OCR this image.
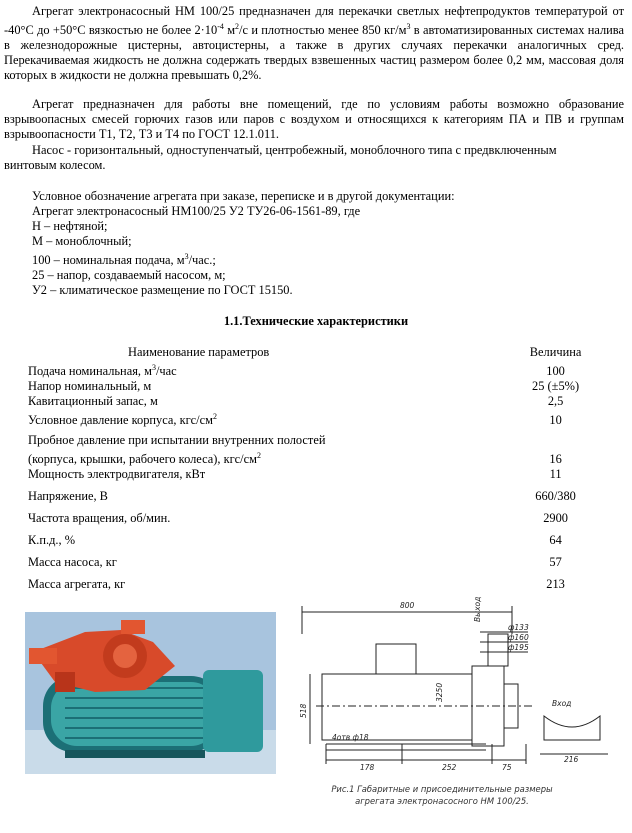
Агрегат электронасосный НМ 100/25 предназначен для перекачки светлых нефтепродуктов температурой от -40°С до +50°С вязкостью не более $2\cdot 10^{-4}$ $м^2/с$ и плотностью менее 850 $кг/м^3$ в автоматизированных системах налива в железнодорожные цистерны, автоцистерны, а также в других случаях перекачки аналогичных сред. Перекачиваемая жидкость не должна содержать твердых взвешенных частиц размером более 0,2 мм, массовая доля которых в жидкости не должна превышать 0,2%.
Агрегат предназначен для работы вне помещений, где по условиям работы возможно образование взрывоопасных смесей горючих газов или паров с воздухом и относящихся к категориям ПА и ПВ и группам взрывоопасности Т1, Т2, Т3 и Т4 по ГОСТ 12.1.011.
Насос - горизонтальный, одноступенчатый, центробежный, моноблочного типа с предвключенным винтовым колесом.
Условное обозначение агрегата при заказе, переписке и в другой документации:
Агрегат электронасосный НМ100/25 У2 ТУ26-06-1561-89, где
Н – нефтяной;
М – моноблочный;
100 – номинальная подача, $м^3$/час.;
25 – напор, создаваемый насосом, м;
У2 – климатическое размещение по ГОСТ 15150.
1.1.Технические характеристики
Наименование параметров	Величина
Подача номинальная, $м^3$/час	100
Напор номинальный, м	25 (±5%)
Кавитационный запас, м	2,5
Условное давление корпуса, кгс/$см^2$	10

Пробное давление при испытании внутренних полостей
(корпуса, крышки, рабочего колеса), кгс/$см^2$	16
Мощность электродвигателя, кВт	11
Напряжение, В	660/380
Частота вращения, об/мин.	2900
К.п.д., %	64
Масса насоса, кг	57
Масса агрегата, кг	213
800
518
178	252	75
216
3250
ф133
ф160
ф195
Выход
Вход
4отв ф18
Рис.1 Габаритные и присоединительные размеры
агрегата электронасосного НМ 100/25.
